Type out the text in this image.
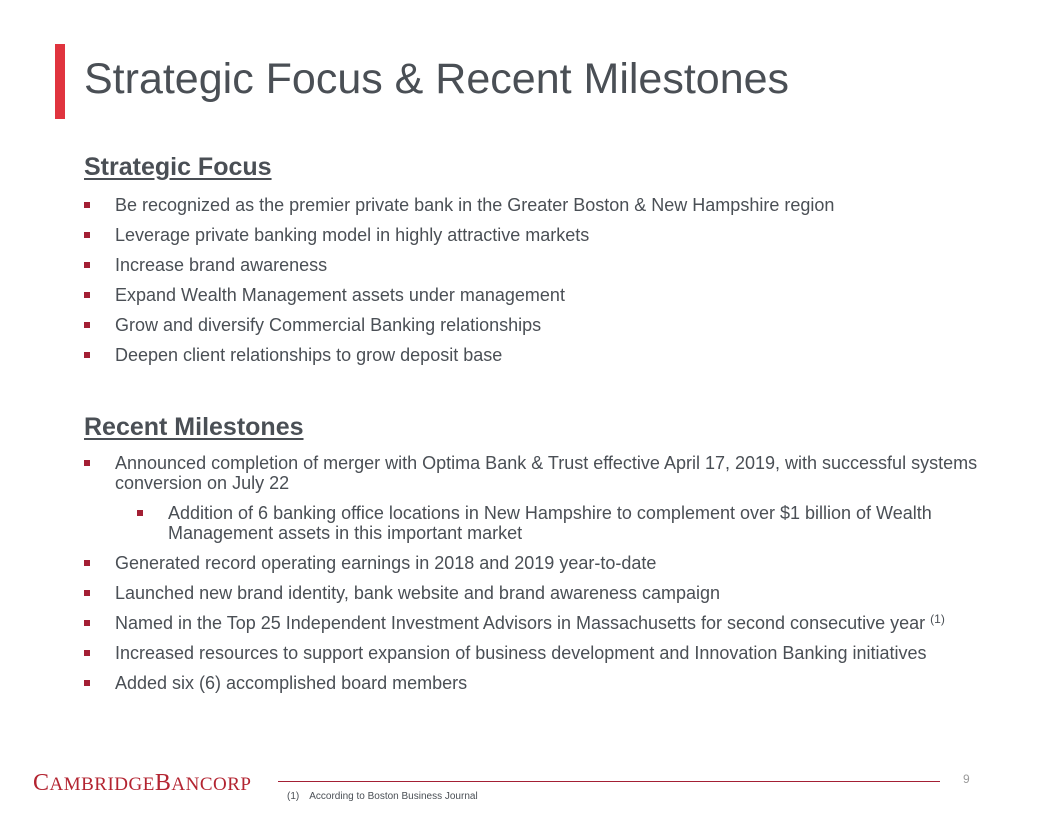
Strategic Focus & Recent Milestones
Strategic Focus
Be recognized as the premier private bank in the Greater Boston & New Hampshire region
Leverage private banking model in highly attractive markets
Increase brand awareness
Expand Wealth Management assets under management
Grow and diversify Commercial Banking relationships
Deepen client relationships to grow deposit base
Recent Milestones
Announced completion of merger with Optima Bank & Trust effective April 17, 2019, with successful systems conversion on July 22
Addition of 6 banking office locations in New Hampshire to complement over $1 billion of Wealth Management assets in this important market
Generated record operating earnings in 2018 and 2019 year-to-date
Launched new brand identity, bank website and brand awareness campaign
Named in the Top 25 Independent Investment Advisors in Massachusetts for second consecutive year $^{(1)}$
Increased resources to support expansion of business development and Innovation Banking initiatives
Added six (6) accomplished board members
CAMBRIDGEBANCORP	9
(1) According to Boston Business Journal
